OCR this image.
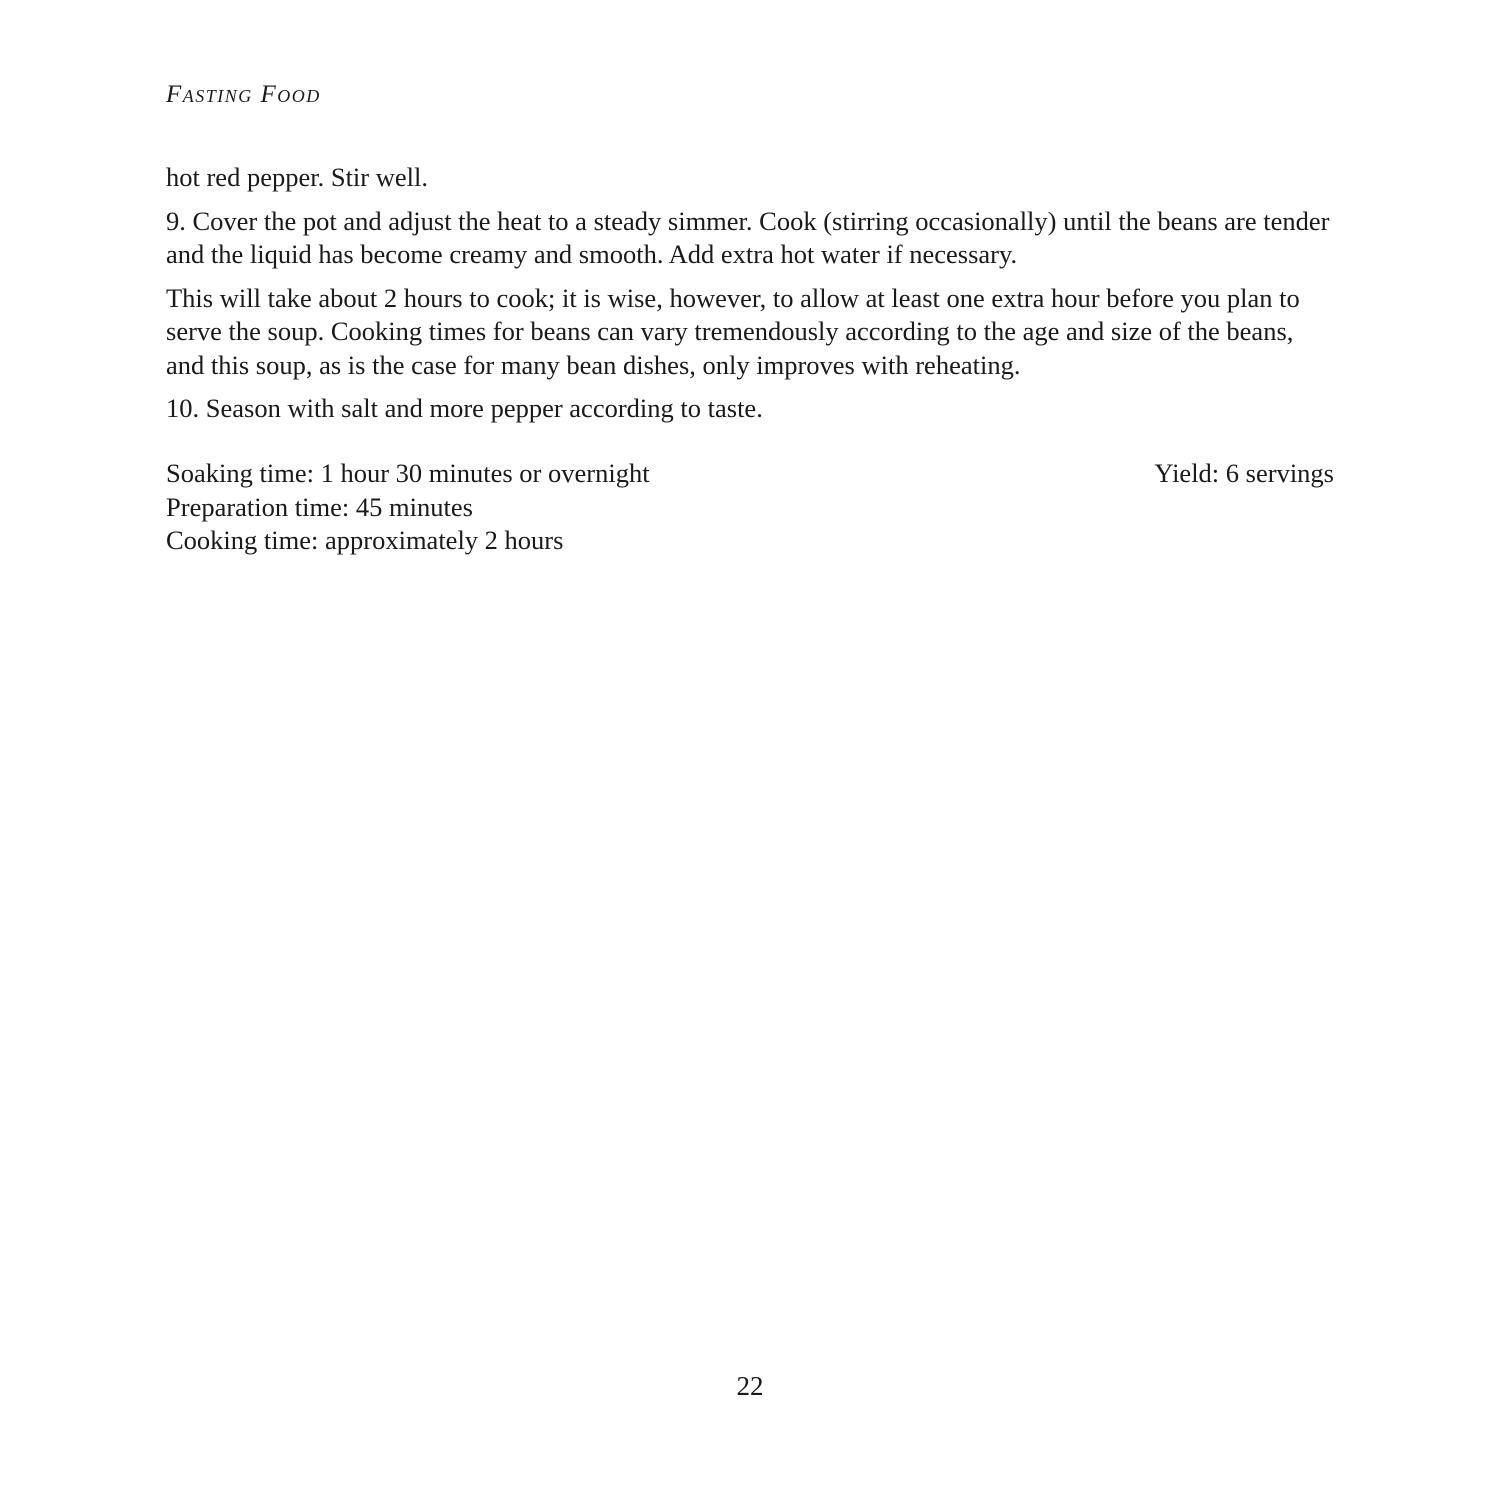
Fasting Food

hot red pepper. Stir well.

9. Cover the pot and adjust the heat to a steady simmer. Cook (stirring occasionally) until the beans are tender and the liquid has become creamy and smooth. Add extra hot water if necessary.

This will take about 2 hours to cook; it is wise, however, to allow at least one extra hour before you plan to serve the soup. Cooking times for beans can vary tremendously according to the age and size of the beans, and this soup, as is the case for many bean dishes, only improves with reheating.

10. Season with salt and more pepper according to taste.

Soaking time: 1 hour 30 minutes or overnight
Preparation time: 45 minutes
Cooking time: approximately 2 hours
Yield: 6 servings
22
